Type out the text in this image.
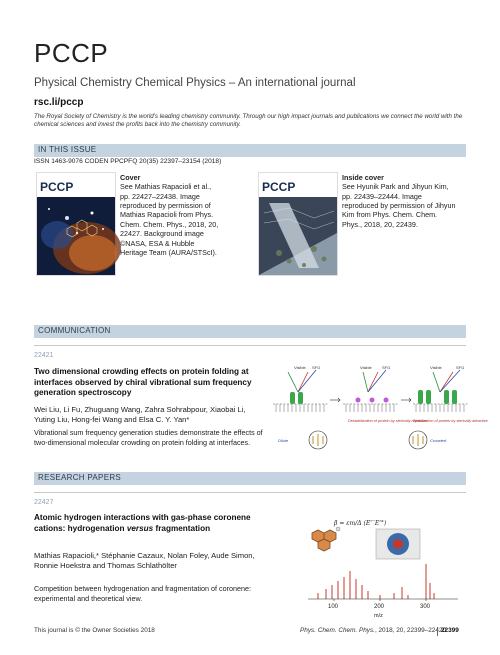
PCCP
Physical Chemistry Chemical Physics – An international journal
rsc.li/pccp
The Royal Society of Chemistry is the world’s leading chemistry community. Through our high impact journals and publications we connect the world with the chemical sciences and invest the profits back into the chemistry community.
IN THIS ISSUE
ISSN 1463-9076 CODEN PPCPFQ 20(35) 22397–23154 (2018)
PCCP
Cover
See Mathias Rapacioli et al., pp. 22427–22438. Image reproduced by permission of Mathias Rapacioli from Phys. Chem. Chem. Phys., 2018, 20, 22427. Background image ©NASA, ESA & Hubble Heritage Team (AURA/STScI).
PCCP
Inside cover
See Hyunik Park and Jihyun Kim, pp. 22439–22444. Image reproduced by permission of Jihyun Kim from Phys. Chem. Chem. Phys., 2018, 20, 22439.
COMMUNICATION
22421
Two dimensional crowding effects on protein folding at interfaces observed by chiral vibrational sum frequency generation spectroscopy
Wei Liu, Li Fu, Zhuguang Wang, Zahra Sohrabpour, Xiaobai Li, Yuting Liu, Hong-fei Wang and Elsa C. Y. Yan*
Vibrational sum frequency generation studies demonstrate the effects of two-dimensional molecular crowding on protein folding at interfaces.
Visible SFG	Visible	SFG	Visible	SFG
Destabilization of protein by sterically repulsive
Stabilization of protein by sterically attractive
Dilute	Crowded
RESEARCH PAPERS
22427
Atomic hydrogen interactions with gas-phase coronene cations: hydrogenation versus fragmentation
Mathias Rapacioli,* Stéphanie Cazaux, Nolan Foley, Aude Simon, Ronnie Hoekstra and Thomas Schlathölter
Competition between hydrogenation and fragmentation of coronene: experimental and theoretical view.
β = εm/Δ (E'‾E'°)
100	200	300
m/z
This journal is © the Owner Societies 2018	Phys. Chem. Chem. Phys., 2018, 20, 22399–22420
22399
